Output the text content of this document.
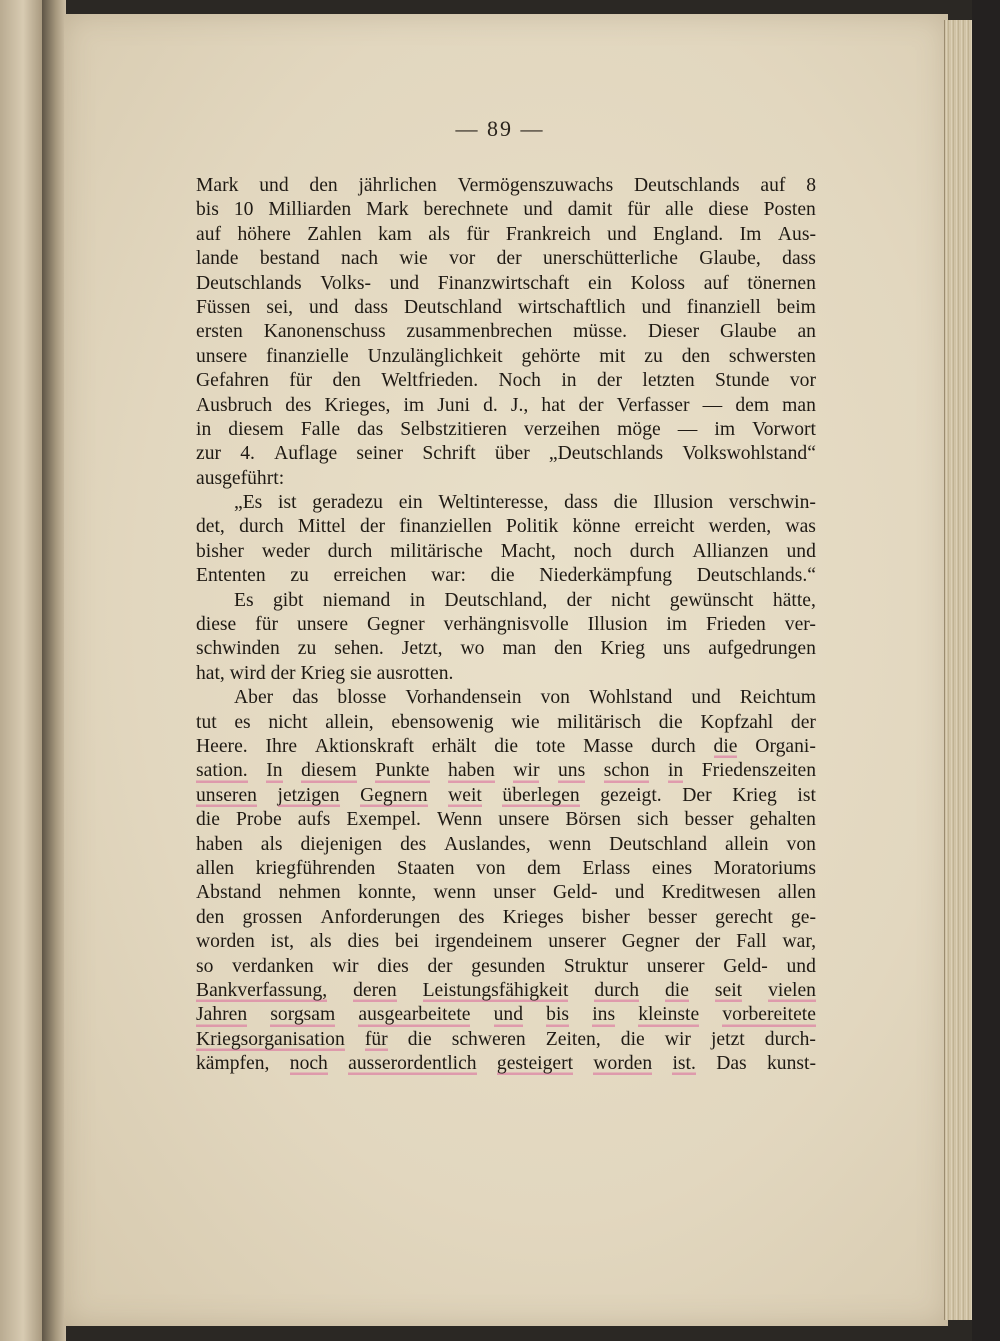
— 89 —
Mark und den jährlichen Vermögenszuwachs Deutschlands auf 8
bis 10 Milliarden Mark berechnete und damit für alle diese Posten
auf höhere Zahlen kam als für Frankreich und England. Im Aus-
lande bestand nach wie vor der unerschütterliche Glaube, dass
Deutschlands Volks- und Finanzwirtschaft ein Koloss auf tönernen
Füssen sei, und dass Deutschland wirtschaftlich und finanziell beim
ersten Kanonenschuss zusammenbrechen müsse. Dieser Glaube an
unsere finanzielle Unzulänglichkeit gehörte mit zu den schwersten
Gefahren für den Weltfrieden. Noch in der letzten Stunde vor
Ausbruch des Krieges, im Juni d. J., hat der Verfasser — dem man
in diesem Falle das Selbstzitieren verzeihen möge — im Vorwort
zur 4. Auflage seiner Schrift über „Deutschlands Volkswohlstand“
ausgeführt:
„Es ist geradezu ein Weltinteresse, dass die Illusion verschwin-
det, durch Mittel der finanziellen Politik könne erreicht werden, was
bisher weder durch militärische Macht, noch durch Allianzen und
Ententen zu erreichen war: die Niederkämpfung Deutschlands.“
Es gibt niemand in Deutschland, der nicht gewünscht hätte,
diese für unsere Gegner verhängnisvolle Illusion im Frieden ver-
schwinden zu sehen. Jetzt, wo man den Krieg uns aufgedrungen
hat, wird der Krieg sie ausrotten.
Aber das blosse Vorhandensein von Wohlstand und Reichtum
tut es nicht allein, ebensowenig wie militärisch die Kopfzahl der
Heere. Ihre Aktionskraft erhält die tote Masse durch die Organi-
sation. In diesem Punkte haben wir uns schon in Friedenszeiten
unseren jetzigen Gegnern weit überlegen gezeigt. Der Krieg ist
die Probe aufs Exempel. Wenn unsere Börsen sich besser gehalten
haben als diejenigen des Auslandes, wenn Deutschland allein von
allen kriegführenden Staaten von dem Erlass eines Moratoriums
Abstand nehmen konnte, wenn unser Geld- und Kreditwesen allen
den grossen Anforderungen des Krieges bisher besser gerecht ge-
worden ist, als dies bei irgendeinem unserer Gegner der Fall war,
so verdanken wir dies der gesunden Struktur unserer Geld- und
Bankverfassung, deren Leistungsfähigkeit durch die seit vielen
Jahren sorgsam ausgearbeitete und bis ins kleinste vorbereitete
Kriegsorganisation für die schweren Zeiten, die wir jetzt durch-
kämpfen, noch ausserordentlich gesteigert worden ist. Das kunst-
